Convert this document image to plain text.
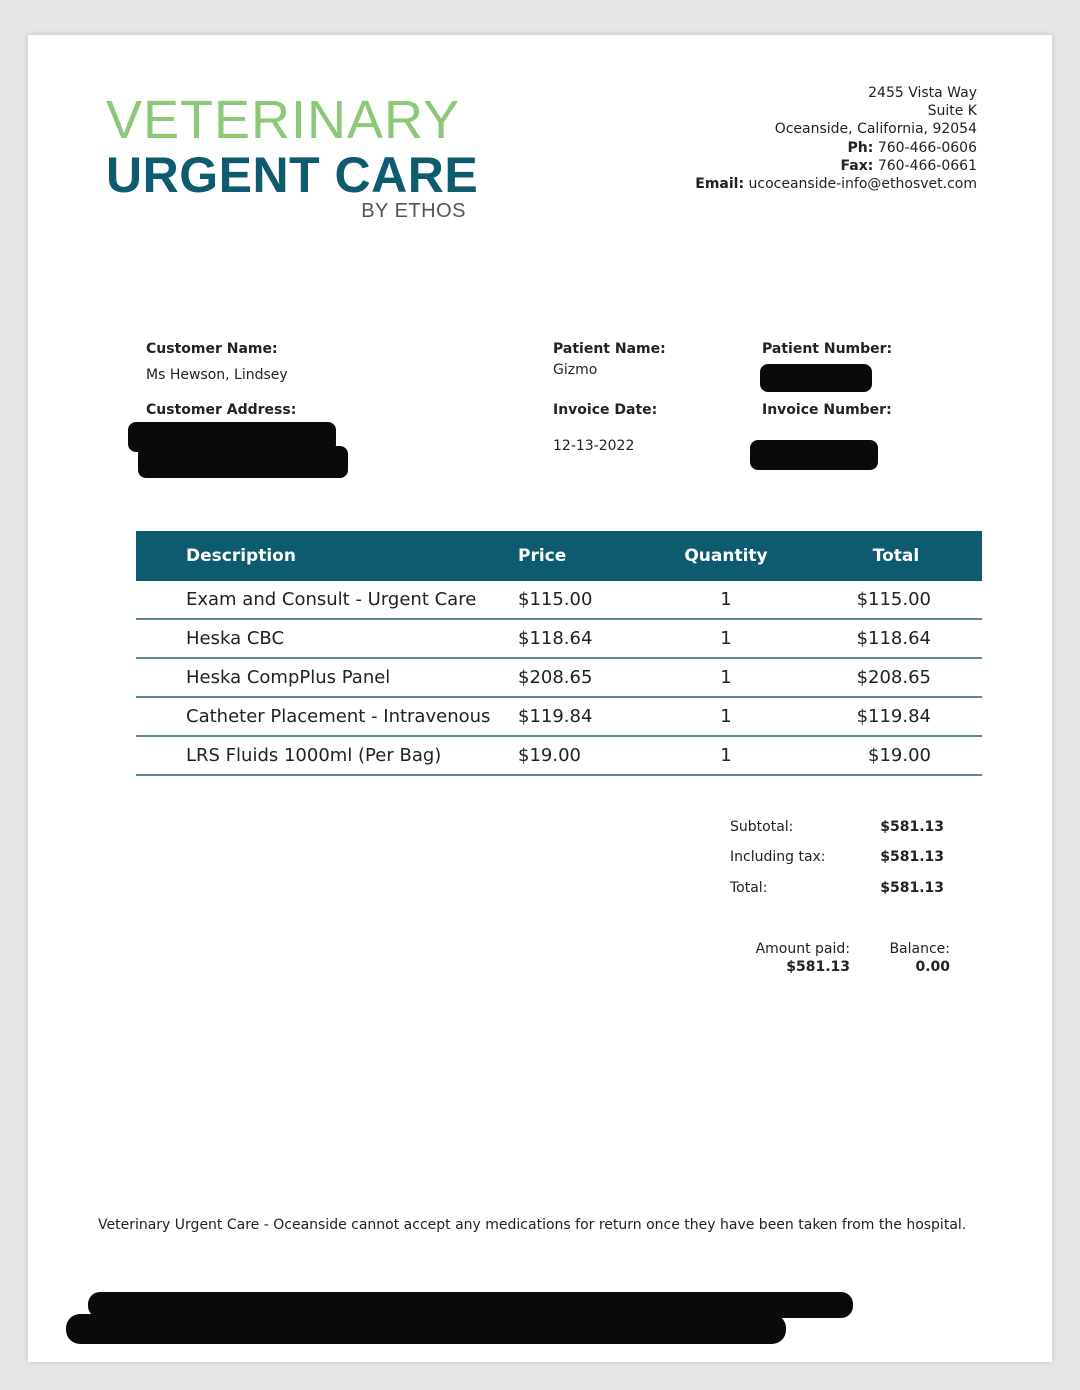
VETERINARY
URGENT CARE
BY ETHOS
2455 Vista Way
Suite K
Oceanside, California, 92054
Ph: 760-466-0606
Fax: 760-466-0661
Email: ucoceanside-info@ethosvet.com
Customer Name:
Ms Hewson, Lindsey
Customer Address:
Patient Name:
Gizmo
Invoice Date:
12-13-2022
Patient Number:
Invoice Number:
Description	Price	Quantity	Total
Exam and Consult - Urgent Care $115.00	1	$115.00
Heska CBC	$118.64	1	$118.64
Heska CompPlus Panel	$208.65	1	$208.65
Catheter Placement - Intravenous $119.84	1	$119.84
LRS Fluids 1000ml (Per Bag)	$19.00	1	$19.00
Subtotal:	$581.13
Including tax:	$581.13
Total:	$581.13
Amount paid:
$581.13
Balance:
0.00
Veterinary Urgent Care - Oceanside cannot accept any medications for return once they have been taken from the hospital.
